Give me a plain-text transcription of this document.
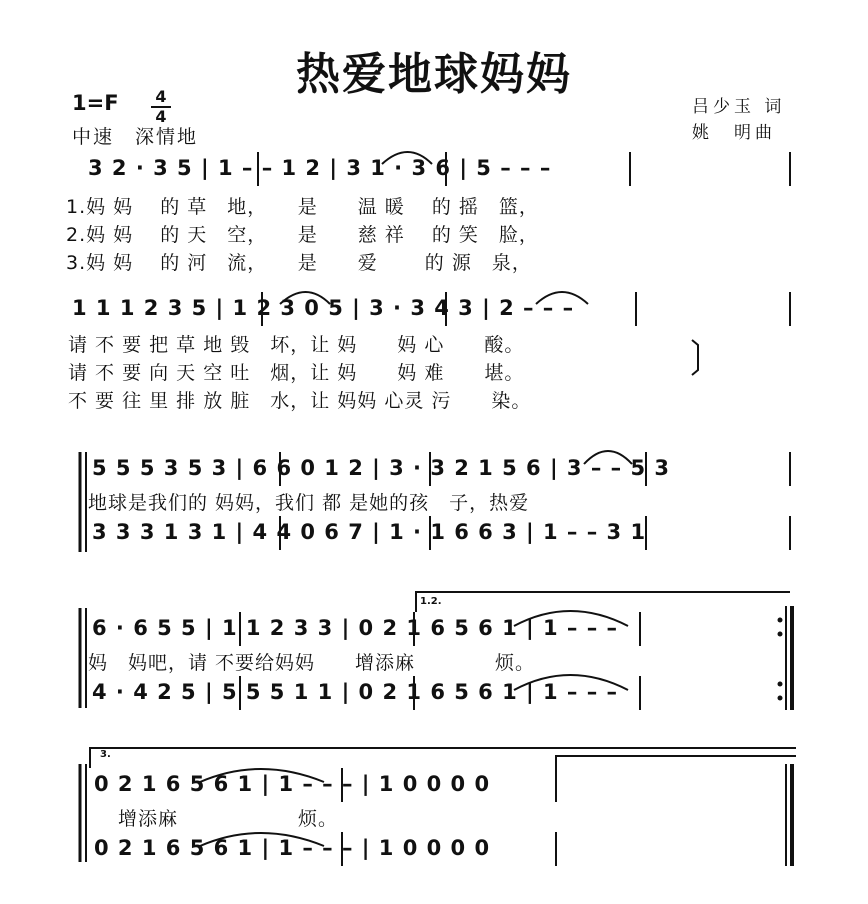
热爱地球妈妈
1=F	4
4
中速　深情地
吕少玉 词
姚　明曲
3 2 · 3 5 | 1 – – 1 2 | 3 1 · 3 6 | 5 – – –
1.妈 妈　 的 草　地，　　是　　温 暖　 的 摇　篮，
2.妈 妈　 的 天　空，　　是　　慈 祥　 的 笑　脸，
3.妈 妈　 的 河　流，　　是　　爱　　 的 源　泉，
1 1 1 2 3 5 | 1 2 3 0 5 | 3 · 3 4 3 | 2 – – –
请 不 要 把 草 地 毁　坏，让 妈　　妈 心　　酸。
请 不 要 向 天 空 吐　烟，让 妈　　妈 难　　堪。
不 要 往 里 排 放 脏　水，让 妈妈 心灵 污　　染。
5 5 5 3 5 3 | 6 6 0 1 2 | 3 · 3 2 1 5 6 | 3 – – 5 3
地球是我们的 妈妈，我们 都 是她的孩　子，热爱
3 3 3 1 3 1 | 4 4 0 6 7 | 1 · 1 6 6 3 | 1 – – 3 1
1.2.
6 · 6 5 5 | 1 1 2 3 3 | 0 2 1 6 5 6 1 | 1 – – –
妈　妈吧，请 不要给妈妈　　增添麻　　　　烦。
4 · 4 2 5 | 5 5 5 1 1 | 0 2 1 6 5 6 1 | 1 – – –
3.
0 2 1 6 5 6 1 | 1 – – – | 1 0 0 0 0
增添麻　　　　　　烦。
0 2 1 6 5 6 1 | 1 – – – | 1 0 0 0 0
